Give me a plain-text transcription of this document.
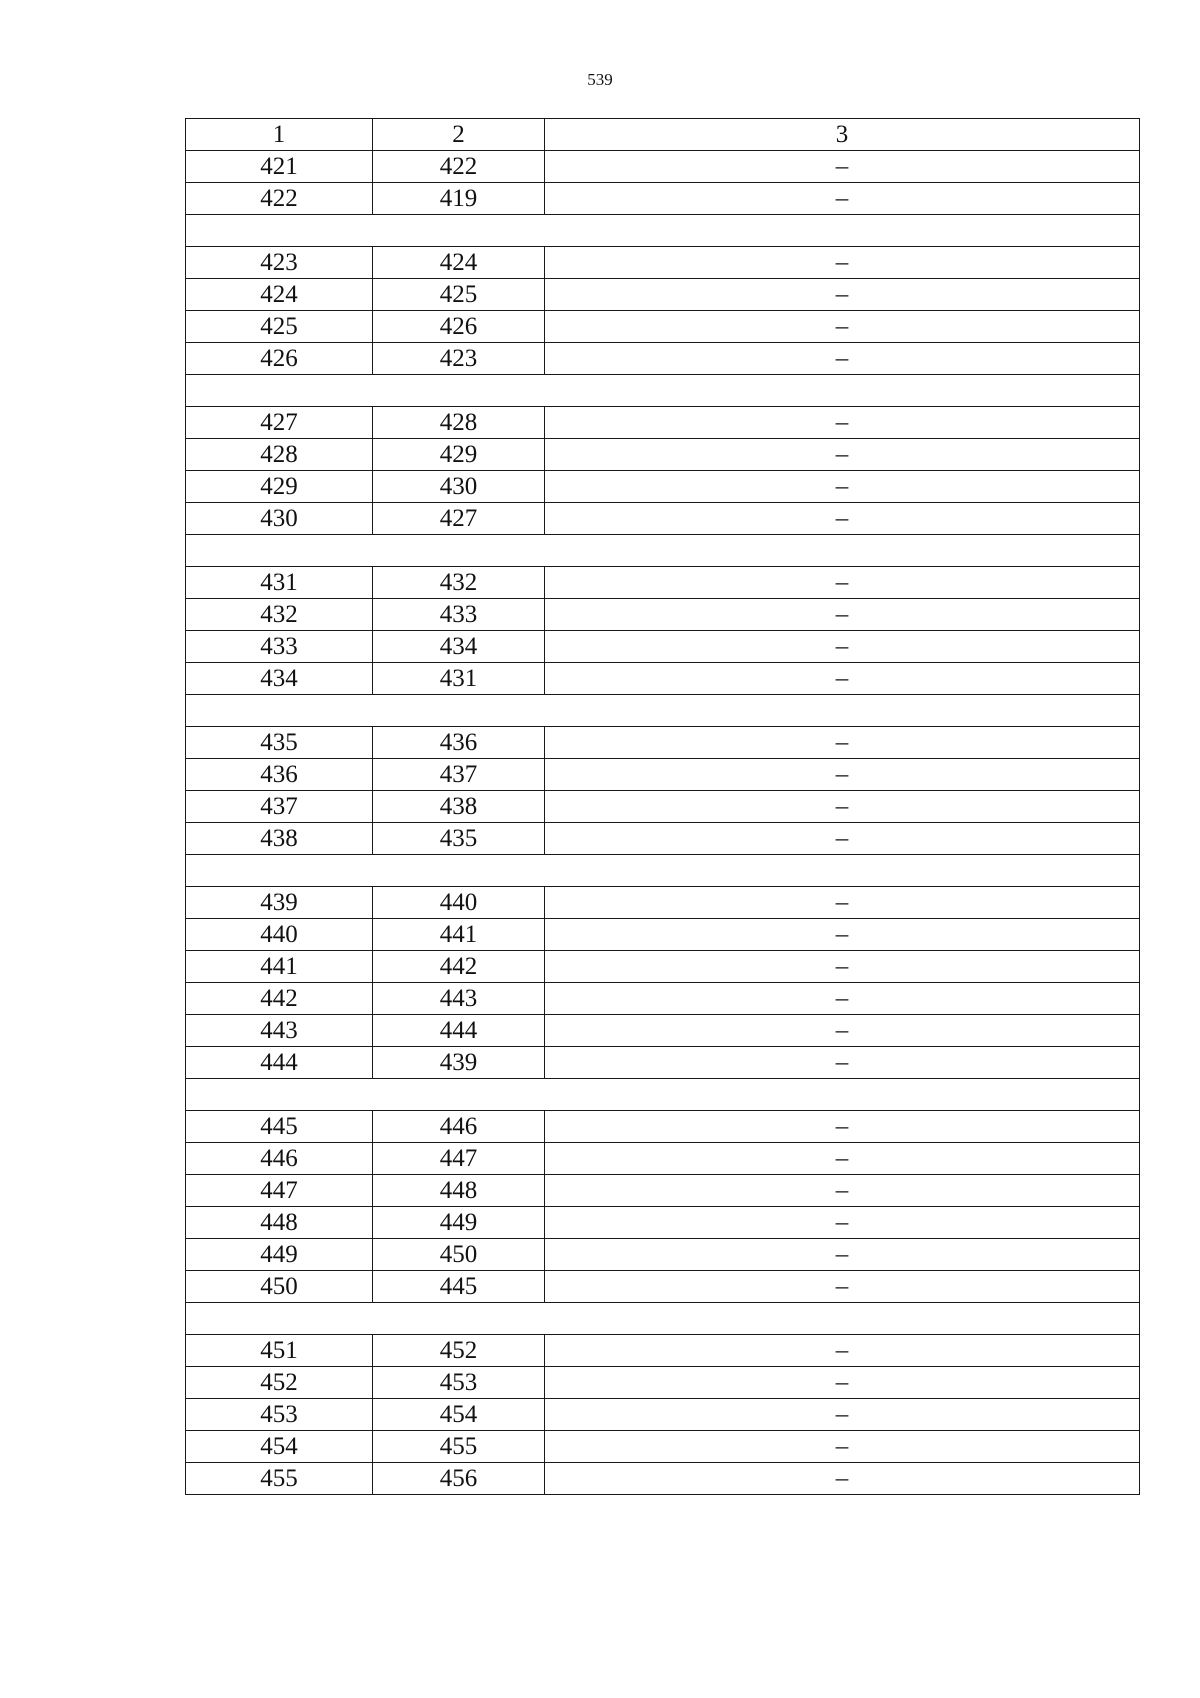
539
1	2	3
421	422	–
422	419	–

423	424	–
424	425	–
425	426	–
426	423	–

427	428	–
428	429	–
429	430	–
430	427	–

431	432	–
432	433	–
433	434	–
434	431	–

435	436	–
436	437	–
437	438	–
438	435	–

439	440	–
440	441	–
441	442	–
442	443	–
443	444	–
444	439	–

445	446	–
446	447	–
447	448	–
448	449	–
449	450	–
450	445	–

451	452	–
452	453	–
453	454	–
454	455	–
455	456	–
